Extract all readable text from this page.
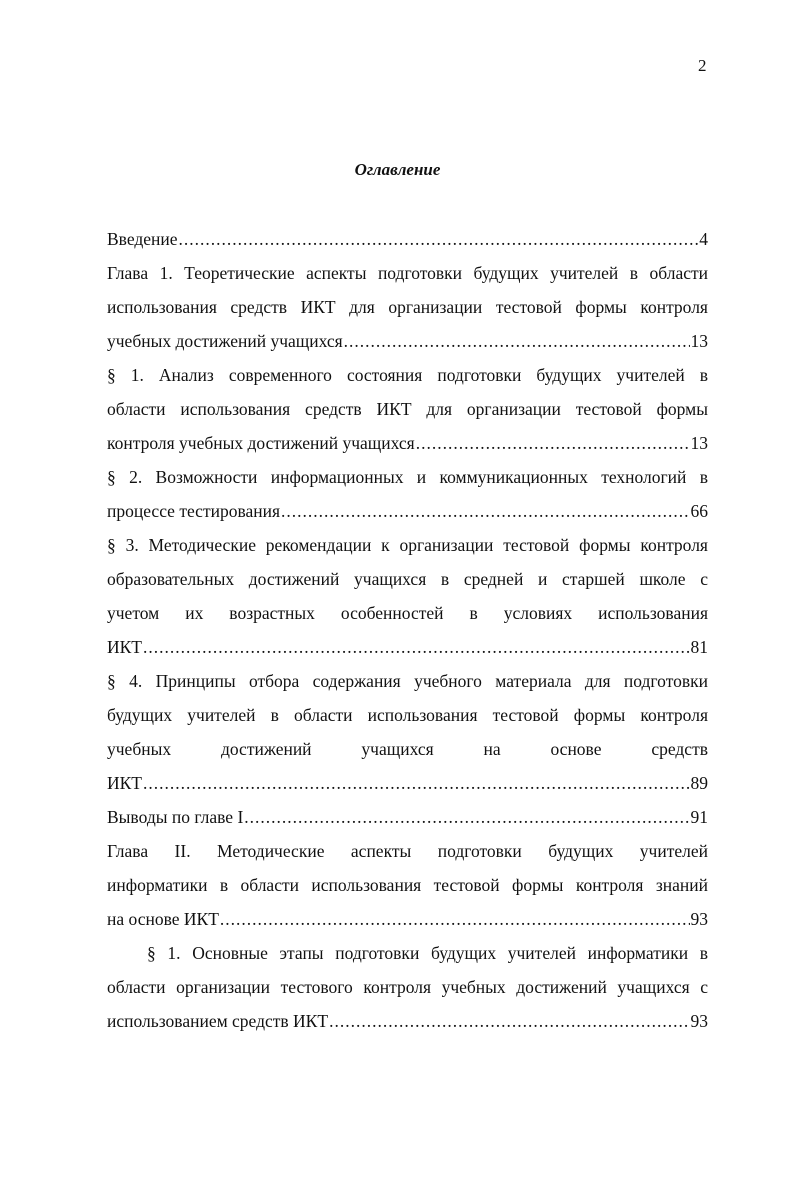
2
Оглавление
Введение .....	4
Глава 1. Теоретические аспекты подготовки будущих учителей в области
использования средств ИКТ для организации тестовой формы контроля
учебных достижений учащихся .....	13
§ 1. Анализ современного состояния подготовки будущих учителей в
области использования средств ИКТ для организации тестовой формы
контроля учебных достижений учащихся .....	13
§ 2. Возможности информационных и коммуникационных технологий в
процессе тестирования .....	66
§ 3. Методические рекомендации к организации тестовой формы контроля
образовательных достижений учащихся в средней и старшей школе с
учетом их возрастных особенностей в условиях использования
ИКТ .....	81
§ 4. Принципы отбора содержания учебного материала для подготовки
будущих учителей в области использования тестовой формы контроля
учебных достижений учащихся на основе средств
ИКТ .....	89
Выводы по главе I .....	91
Глава II. Методические аспекты подготовки будущих учителей
информатики в области использования тестовой формы контроля знаний
на основе ИКТ .....	93
§ 1. Основные этапы подготовки будущих учителей информатики в
области организации тестового контроля учебных достижений учащихся с
использованием средств ИКТ .....	93
